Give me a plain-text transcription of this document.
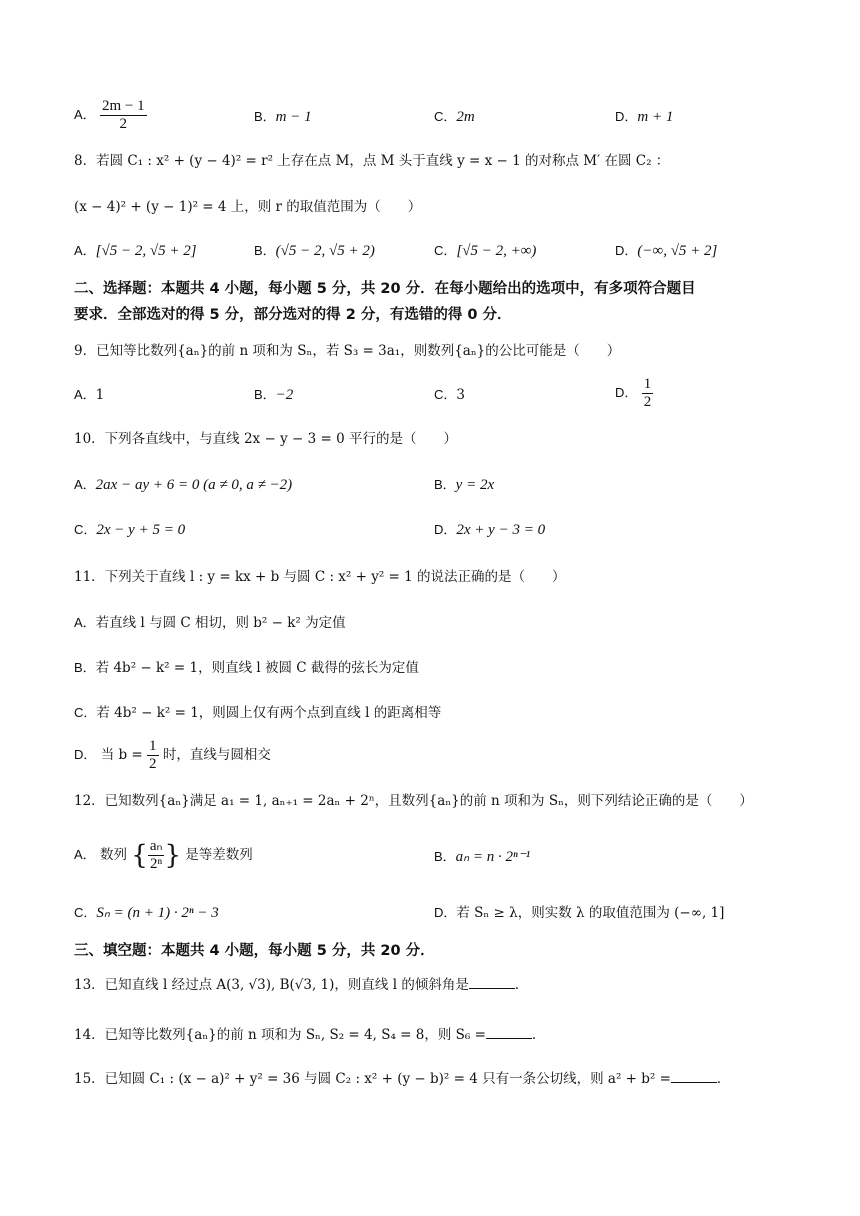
A． $\frac{2m - 1}{2}$	B．m − 1	C．2m	D．m + 1
8．若圆 C₁ : x² + (y − 4)² = r² 上存在点 M，点 M 头于直线 y = x − 1 的对称点 M′ 在圆 C₂ ：
(x − 4)² + (y − 1)² = 4 上，则 r 的取值范围为（　　）
A．[√5 − 2, √5 + 2]	B．(√5 − 2, √5 + 2)	C．[√5 − 2, +∞)	D．(−∞, √5 + 2]
二、选择题：本题共 4 小题，每小题 5 分，共 20 分．在每小题给出的选项中，有多项符合题目
要求．全部选对的得 5 分，部分选对的得 2 分，有选错的得 0 分．
9．已知等比数列{aₙ}的前 n 项和为 Sₙ，若 S₃ = 3a₁，则数列{aₙ}的公比可能是（　　）
A．1	B．−2	C．3	D． $\frac{1}{2}$
10．下列各直线中，与直线 2x − y − 3 = 0 平行的是（　　）
A．2ax − ay + 6 = 0 (a ≠ 0, a ≠ −2)	B．y = 2x
C．2x − y + 5 = 0	D．2x + y − 3 = 0
11．下列关于直线 l : y = kx + b 与圆 C : x² + y² = 1 的说法正确的是（　　）
A．若直线 l 与圆 C 相切，则 b² − k² 为定值
B．若 4b² − k² = 1，则直线 l 被圆 C 截得的弦长为定值
C．若 4b² − k² = 1，则圆上仅有两个点到直线 l 的距离相等
D． 当 $b = \frac{1}{2}$ 时，直线与圆相交
12．已知数列{aₙ}满足 a₁ = 1, aₙ₊₁ = 2aₙ + 2ⁿ，且数列{aₙ}的前 n 项和为 Sₙ，则下列结论正确的是（　　）
A． 数列 { $\frac{\text{aₙ}}{\text{2ⁿ}}$ } 是等差数列	B．aₙ = n · 2ⁿ⁻¹
C．Sₙ = (n + 1) · 2ⁿ − 3	D．若 Sₙ ≥ λ，则实数 λ 的取值范围为 (−∞, 1]
三、填空题：本题共 4 小题，每小题 5 分，共 20 分．
13．已知直线 l 经过点 A(3, √3), B(√3, 1)，则直线 l 的倾斜角是	．
14．已知等比数列{aₙ}的前 n 项和为 Sₙ, S₂ = 4, S₄ = 8，则 S₆ =	．
15．已知圆 C₁ : (x − a)² + y² = 36 与圆 C₂ : x² + (y − b)² = 4 只有一条公切线，则 a² + b² =	．
